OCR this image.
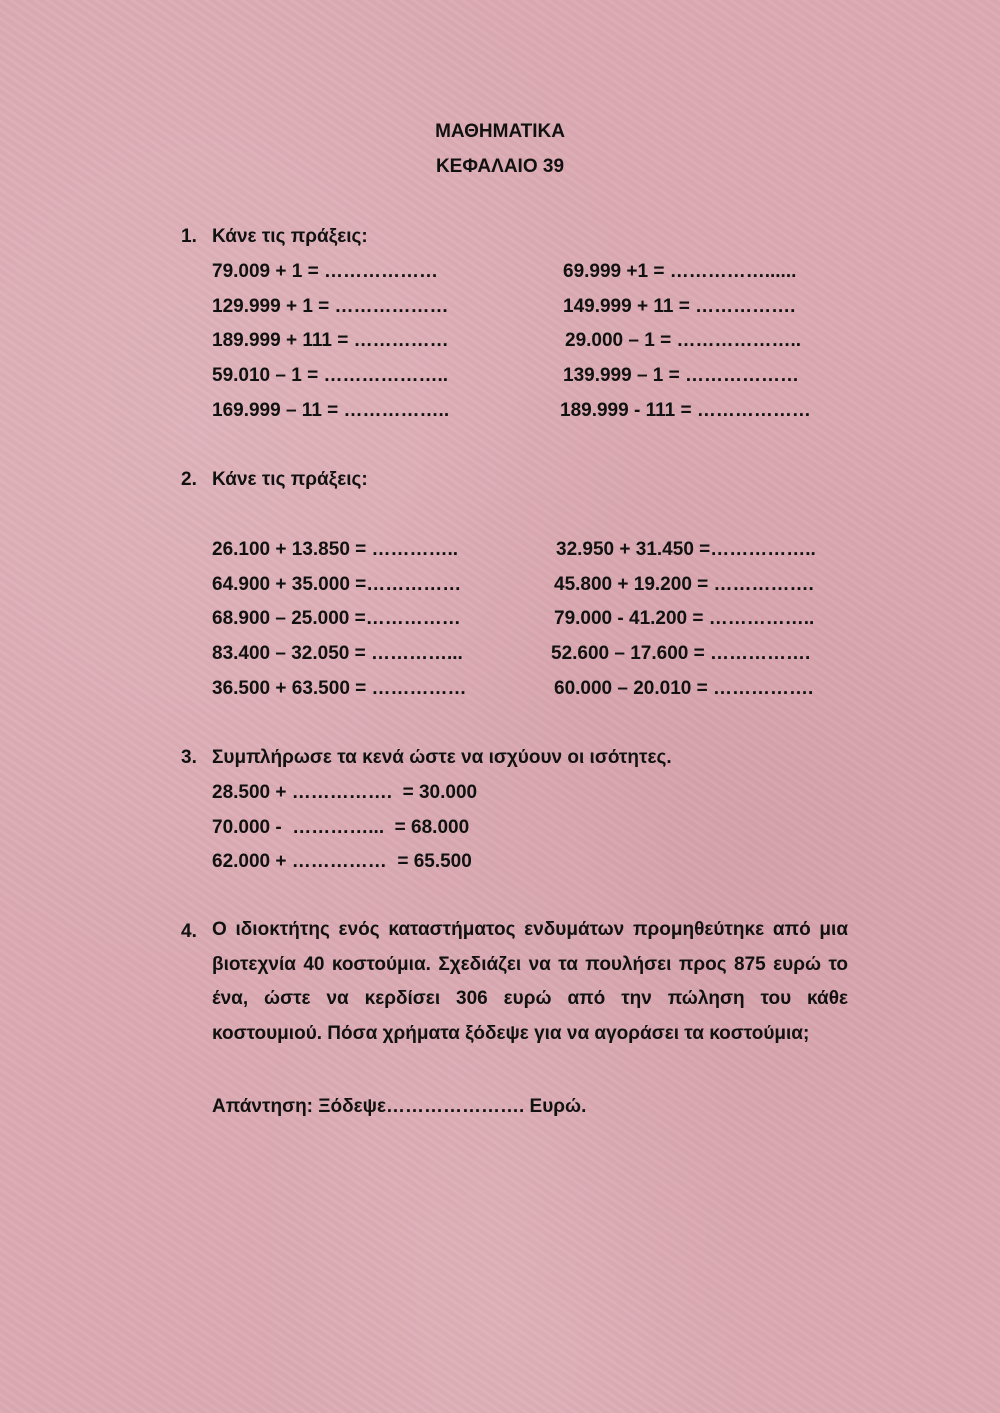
ΜΑΘΗΜΑΤΙΚΑ
ΚΕΦΑΛΑΙΟ 39
1. Κάνε τις πράξεις:
79.009 + 1 = ………………
129.999 + 1 = ………………
189.999 + 111 = ……………
59.010 – 1 = ………………..
169.999 – 11 = ……………..
69.999 +1 = ……………......
149.999 + 11 = …………….
29.000 – 1 = ………………..
139.999 – 1 = ………………
189.999 - 111 = ………………
2. Κάνε τις πράξεις:
26.100 + 13.850 = …………..
64.900 + 35.000 =……………
68.900 – 25.000 =……………
83.400 – 32.050 = …………...
36.500 + 63.500 = ……………
32.950 + 31.450 =……………..
45.800 + 19.200 = …………….
79.000 - 41.200 = ……………..
52.600 – 17.600 = …………….
60.000 – 20.010 = …………….
3. Συμπλήρωσε τα κενά ώστε να ισχύουν οι ισότητες.
28.500 + …………….  = 30.000
70.000 -  …………...  = 68.000
62.000 + ……………  = 65.500
4. Ο ιδιοκτήτης ενός καταστήματος ενδυμάτων προμηθεύτηκε από μια βιοτεχνία 40 κοστούμια. Σχεδιάζει να τα πουλήσει προς 875 ευρώ το ένα, ώστε να κερδίσει 306 ευρώ από την πώληση του κάθε κοστουμιού. Πόσα χρήματα ξόδεψε για να αγοράσει τα κοστούμια;
Απάντηση: Ξόδεψε…………………. Ευρώ.
